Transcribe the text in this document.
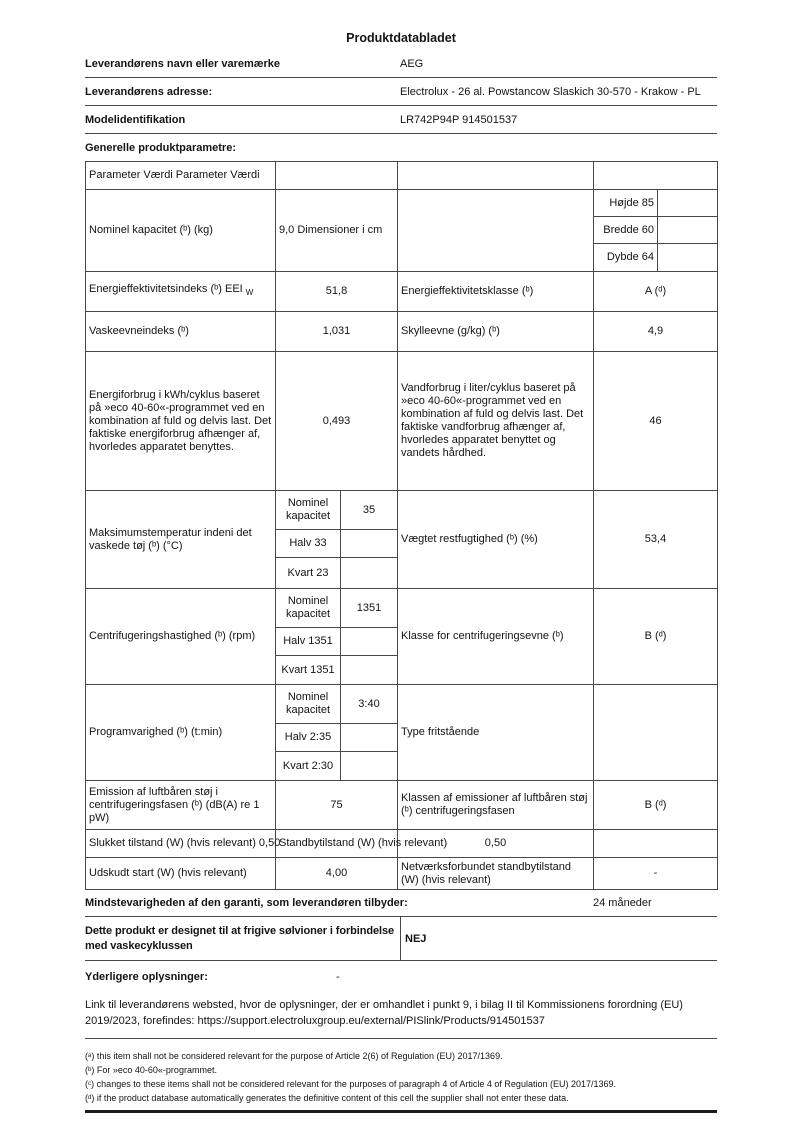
Produktdatabladet
Leverandørens navn eller varemærke	AEG
Leverandørens adresse:	Electrolux - 26 al. Powstancow Slaskich 30-570 - Krakow - PL
Modelidentifikation	LR742P94P 914501537
Generelle produktparametre:
Parameter Værdi Parameter Værdi					
Nominel kapacitet (ᵇ) (kg)	9,0 Dimensioner i cm			Højde 85	
				Bredde 60	
				Dybde 64	
Energieffektivitetsindeks (ᵇ) EEI $_W$	51,8		Energieffektivitetsklasse (ᵇ)	A (ᵈ)	
Vaskeevneindeks (ᵇ)	1,031		Skylleevne (g/kg) (ᵇ)	4,9	
Energiforbrug i kWh/cyklus baseret på »eco 40-60«-programmet ved en kombination af fuld og delvis last. Det faktiske energiforbrug afhænger af, hvorledes apparatet benyttes.	0,493		Vandforbrug i liter/cyklus baseret på »eco 40-60«-programmet ved en kombination af fuld og delvis last. Det faktiske vandforbrug afhænger af, hvorledes apparatet benyttet og vandets hårdhed.	46	
Maksimumstemperatur indeni det vaskede tøj (ᵇ) (°C)	Nominel kapacitet	35	Vægtet restfugtighed (ᵇ) (%)	53,4	
	Halv 33				
	Kvart 23				
Centrifugeringshastighed (ᵇ) (rpm)	Nominel kapacitet	1351	Klasse for centrifugeringsevne (ᵇ)	B (ᵈ)	
	Halv 1351				
	Kvart 1351				
Programvarighed (ᵇ) (t:min)	Nominel kapacitet	3:40	Type fritstående		
	Halv 2:35				
	Kvart 2:30				
Emission af luftbåren støj i centrifugeringsfasen (ᵇ) (dB(A) re 1 pW)	75		Klassen af emissioner af luftbåren støj (ᵇ) centrifugeringsfasen	B (ᵈ)	
Slukket tilstand (W) (hvis relevant) 0,50	Standbytilstand (W) (hvis relevant)		0,50		
Udskudt start (W) (hvis relevant)	4,00		Netværksforbundet standbytilstand (W) (hvis relevant)	-	
Mindstevarigheden af den garanti, som leverandøren tilbyder:	24 måneder
Dette produkt er designet til at frigive sølvioner i forbindelse med vaskecyklussen
NEJ
Yderligere oplysninger:	-

Link til leverandørens websted, hvor de oplysninger, der er omhandlet i punkt 9, i bilag II til Kommissionens forordning (EU) 2019/2023, forefindes: https://support.electroluxgroup.eu/external/PISlink/Products/914501537

(ᵃ) this item shall not be considered relevant for the purpose of Article 2(6) of Regulation (EU) 2017/1369.
(ᵇ) For »eco 40-60«-programmet.
(ᶜ) changes to these items shall not be considered relevant for the purposes of paragraph 4 of Article 4 of Regulation (EU) 2017/1369.
(ᵈ) if the product database automatically generates the definitive content of this cell the supplier shall not enter these data.
